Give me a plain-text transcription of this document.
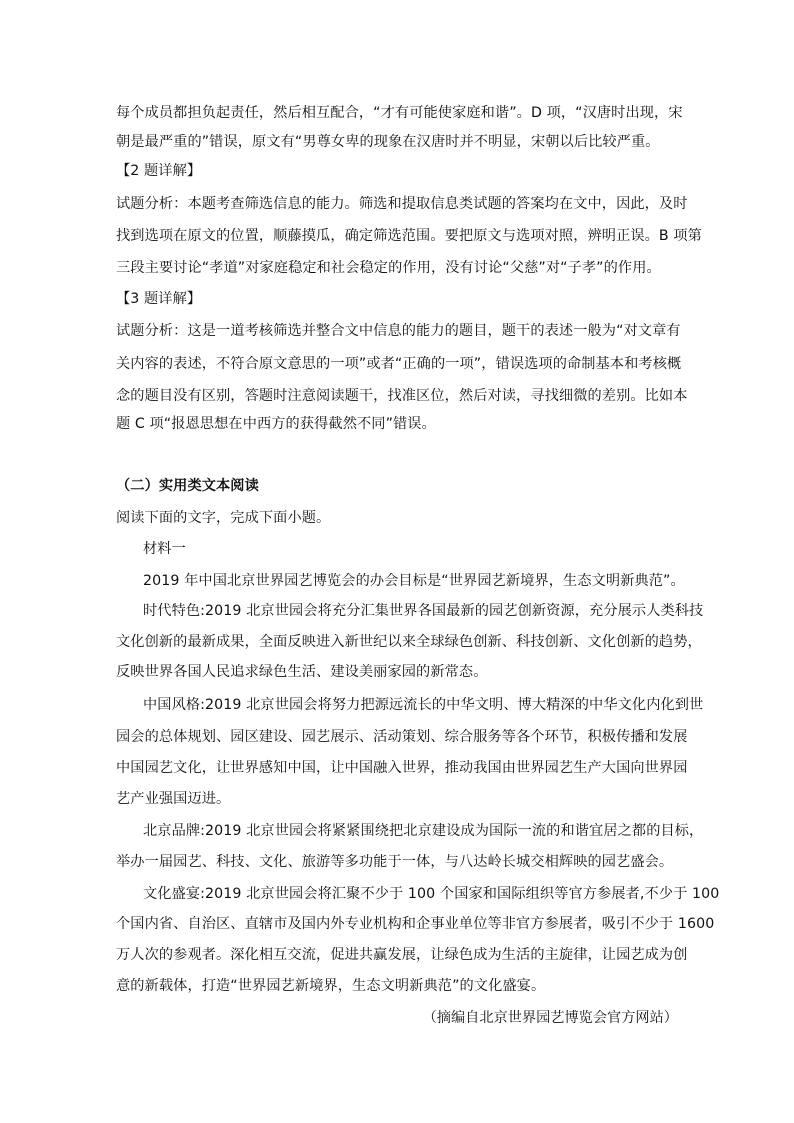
每个成员都担负起责任，然后相互配合，“才有可能使家庭和谐”。D 项，“汉唐时出现，宋
朝是最严重的”错误，原文有“男尊女卑的现象在汉唐时并不明显，宋朝以后比较严重。
【2 题详解】
试题分析：本题考查筛选信息的能力。筛选和提取信息类试题的答案均在文中，因此，及时
找到选项在原文的位置，顺藤摸瓜，确定筛选范围。要把原文与选项对照，辨明正误。B 项第
三段主要讨论“孝道”对家庭稳定和社会稳定的作用，没有讨论“父慈”对“子孝”的作用。
【3 题详解】
试题分析：这是一道考核筛选并整合文中信息的能力的题目，题干的表述一般为“对文章有
关内容的表述，不符合原文意思的一项”或者“正确的一项”，错误选项的命制基本和考核概
念的题目没有区别，答题时注意阅读题干，找准区位，然后对读，寻找细微的差别。比如本
题 C 项“报恩思想在中西方的获得截然不同”错误。
（二）实用类文本阅读
阅读下面的文字，完成下面小题。
材料一
2019 年中国北京世界园艺博览会的办会目标是“世界园艺新境界，生态文明新典范”。
时代特色:2019 北京世园会将充分汇集世界各国最新的园艺创新资源，充分展示人类科技
文化创新的最新成果，全面反映进入新世纪以来全球绿色创新、科技创新、文化创新的趋势，
反映世界各国人民追求绿色生活、建设美丽家园的新常态。
中国风格:2019 北京世园会将努力把源远流长的中华文明、博大精深的中华文化内化到世
园会的总体规划、园区建设、园艺展示、活动策划、综合服务等各个环节，积极传播和发展
中国园艺文化，让世界感知中国，让中国融入世界，推动我国由世界园艺生产大国向世界园
艺产业强国迈进。
北京品牌:2019 北京世园会将紧紧围绕把北京建设成为国际一流的和谐宜居之都的目标，
举办一届园艺、科技、文化、旅游等多功能于一体，与八达岭长城交相辉映的园艺盛会。
文化盛宴:2019 北京世园会将汇聚不少于 100 个国家和国际组织等官方参展者,不少于 100
个国内省、自治区、直辖市及国内外专业机构和企事业单位等非官方参展者，吸引不少于 1600
万人次的参观者。深化相互交流，促进共赢发展，让绿色成为生活的主旋律，让园艺成为创
意的新载体，打造“世界园艺新境界，生态文明新典范”的文化盛宴。
（摘编自北京世界园艺博览会官方网站）
